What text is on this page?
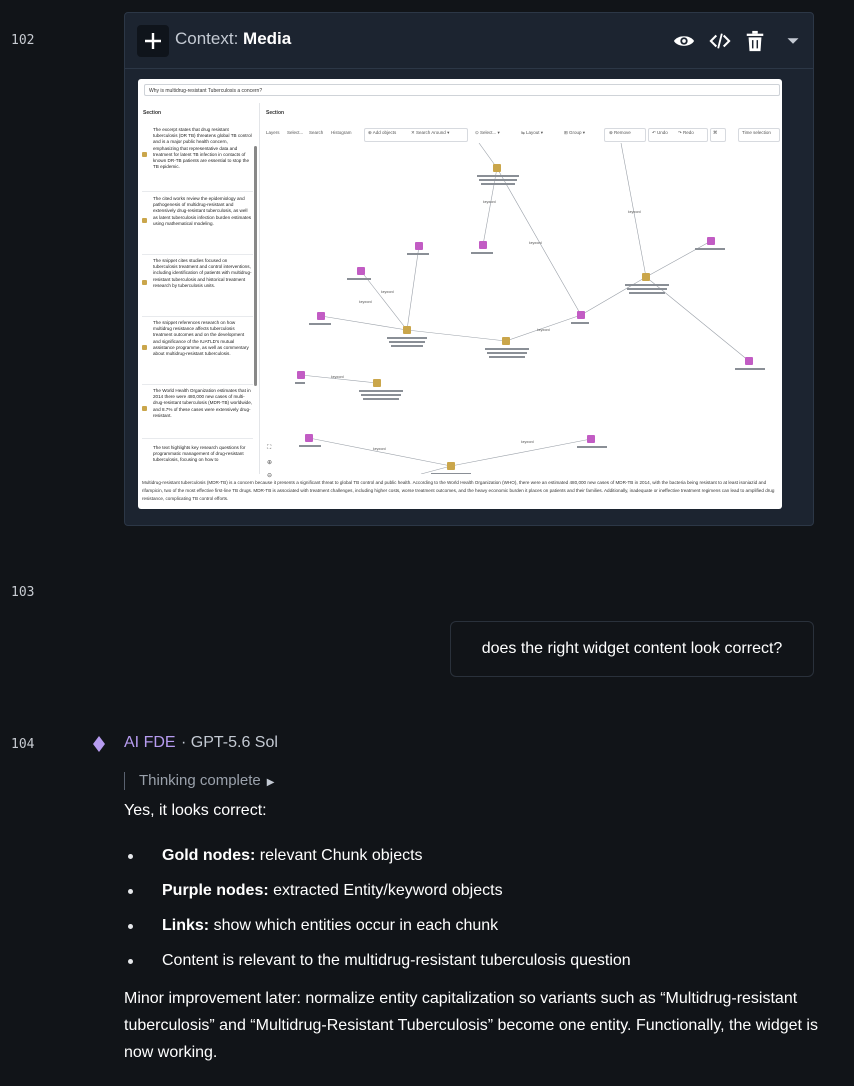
102
103
104
Context: Media
Why is multidrug-resistant Tuberculosis a concern?
Section	Section
The excerpt states that drug resistant tuberculosis (DR TB) threatens global TB control and is a major public health concern, emphasizing that representative data and treatment for latent TB infection in contacts of known DR-TB patients are essential to stop the TB epidemic.
The cited works review the epidemiology and pathogenesis of multidrug-resistant and extensively drug-resistant tuberculosis, as well as latent tuberculosis infection burden estimates using mathematical modeling.
The snippet cites studies focused on tuberculosis treatment and control interventions, including identification of patients with multidrug-resistant tuberculosis and historical treatment research by tuberculosis units.
The snippet references research on how multidrug resistance affects tuberculosis treatment outcomes and on the development and significance of the IUATLD's mutual assistance programme, as well as commentary about multidrug-resistant tuberculosis.
The World Health Organization estimates that in 2014 there were 480,000 new cases of multi-drug-resistant tuberculosis (MDR-TB) worldwide, and 8.7% of these cases were extensively drug-resistant.
The text highlights key research questions for programmatic management of drug-resistant tuberculosis, focusing on how to
Layers Select... Search Histogram	⊕ Add objects	✕ Search Around ▾	⊙ Select... ▾	⇋ Layout ▾	⊞ Group ▾	⊗ Remove	↶ Undo ↷ Redo	⌘	Time selection
keyword
keyword
keyword
keyword
keyword
keyword
keyword
keyword
keyword
⛶
⊕
⊖
Multidrug-resistant tuberculosis (MDR-TB) is a concern because it presents a significant threat to global TB control and public health. According to the World Health Organization (WHO), there were an estimated 480,000 new cases of MDR-TB in 2014, with the bacteria being resistant to at least isoniazid and rifampicin, two of the most effective first-line TB drugs. MDR-TB is associated with treatment challenges, including higher costs, worse treatment outcomes, and the heavy economic burden it places on patients and their families. Additionally, inadequate or ineffective treatment regimens can lead to amplified drug resistance, complicating TB control efforts.
does the right widget content look correct?
AI FDE · GPT-5.6 Sol
Thinking complete ▶
Yes, it looks correct:
Gold nodes: relevant Chunk objects
Purple nodes: extracted Entity/keyword objects
Links: show which entities occur in each chunk
Content is relevant to the multidrug-resistant tuberculosis question
Minor improvement later: normalize entity capitalization so variants such as “Multidrug-resistant tuberculosis” and “Multidrug-Resistant Tuberculosis” become one entity. Functionally, the widget is now working.
